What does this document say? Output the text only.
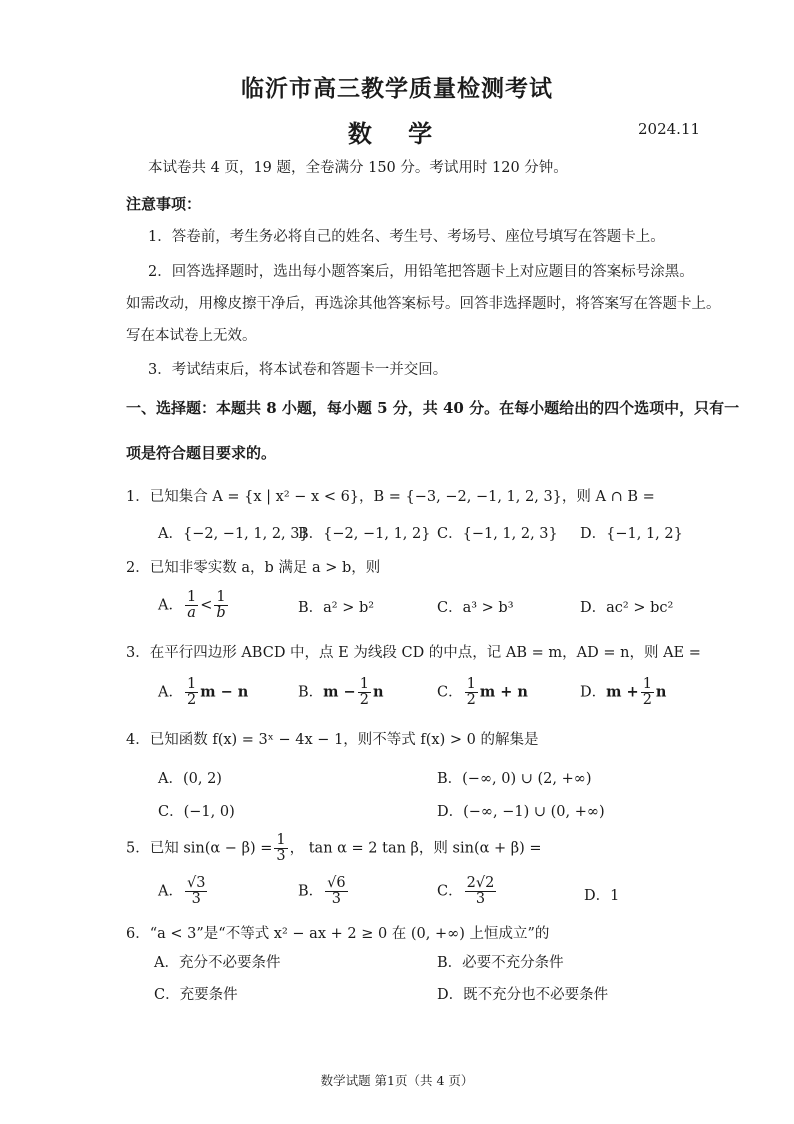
临沂市高三教学质量检测考试
数 学	2024.11
本试卷共 4 页，19 题，全卷满分 150 分。考试用时 120 分钟。
注意事项：
1．答卷前，考生务必将自己的姓名、考生号、考场号、座位号填写在答题卡上。
2．回答选择题时，选出每小题答案后，用铅笔把答题卡上对应题目的答案标号涂黑。
如需改动，用橡皮擦干净后，再选涂其他答案标号。回答非选择题时，将答案写在答题卡上。
写在本试卷上无效。
3．考试结束后，将本试卷和答题卡一并交回。
一、选择题：本题共 8 小题，每小题 5 分，共 40 分。在每小题给出的四个选项中，只有一
项是符合题目要求的。
1．已知集合 A = {x | x² − x < 6}，B = {−3, −2, −1, 1, 2, 3}，则 A ∩ B =
A．{−2, −1, 1, 2, 3}
B．{−2, −1, 1, 2} C．{−1, 1, 2, 3} D．{−1, 1, 2}
2．已知非零实数 a，b 满足 a > b，则
A． $\frac{1}{a} < \frac{1}{b}$	B．a² > b²	C．a³ > b³	D．ac² > bc²
3．在平行四边形 ABCD 中，点 E 为线段 CD 的中点，记 AB = m，AD = n，则 AE =
A． $\frac{1}{2}$ m − n	B．$m - \frac{1}{2}$ n	C． $\frac{1}{2}$ m + n	D．$m + \frac{1}{2}$ n
4．已知函数 f(x) = 3ˣ − 4x − 1，则不等式 f(x) > 0 的解集是
A．(0, 2)	B．(−∞, 0) ∪ (2, +∞)
C．(−1, 0)	D．(−∞, −1) ∪ (0, +∞)
5．已知 $\sin(\alpha - \beta) = \frac{1}{3}$ ， tan α = 2 tan β，则 sin(α + β) =
A． $\frac{√3}{3}$	B． $\frac{√6}{3}$	C． $\frac{2√2}{3}$	D．1
6．“a < 3”是“不等式 x² − ax + 2 ≥ 0 在 (0, +∞) 上恒成立”的
A．充分不必要条件	B．必要不充分条件
C．充要条件	D．既不充分也不必要条件
数学试题 第1页（共 4 页）
